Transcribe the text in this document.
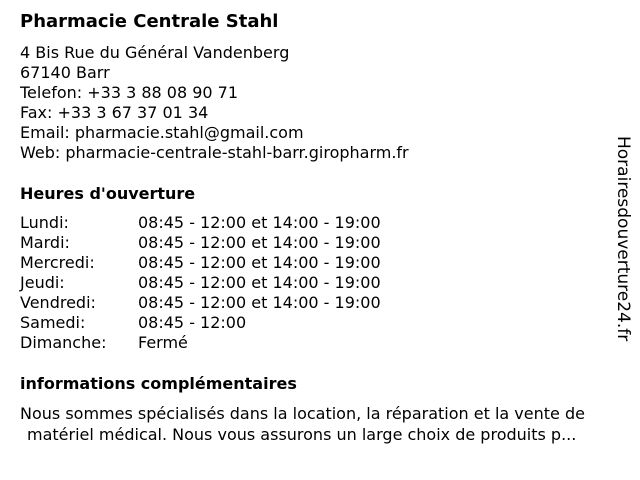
Pharmacie Centrale Stahl
4 Bis Rue du Général Vandenberg
67140 Barr
Telefon: +33 3 88 08 90 71
Fax: +33 3 67 37 01 34
Email: pharmacie.stahl@gmail.com
Web: pharmacie-centrale-stahl-barr.giropharm.fr
Heures d'ouverture
Lundi:	08:45 - 12:00 et 14:00 - 19:00
Mardi:	08:45 - 12:00 et 14:00 - 19:00
Mercredi:	08:45 - 12:00 et 14:00 - 19:00
Jeudi:	08:45 - 12:00 et 14:00 - 19:00
Vendredi:	08:45 - 12:00 et 14:00 - 19:00
Samedi:	08:45 - 12:00
Dimanche:	Fermé
informations complémentaires
Nous sommes spécialisés dans la location, la réparation et la vente de
matériel médical. Nous vous assurons un large choix de produits p...
Horairesdouverture24.fr
